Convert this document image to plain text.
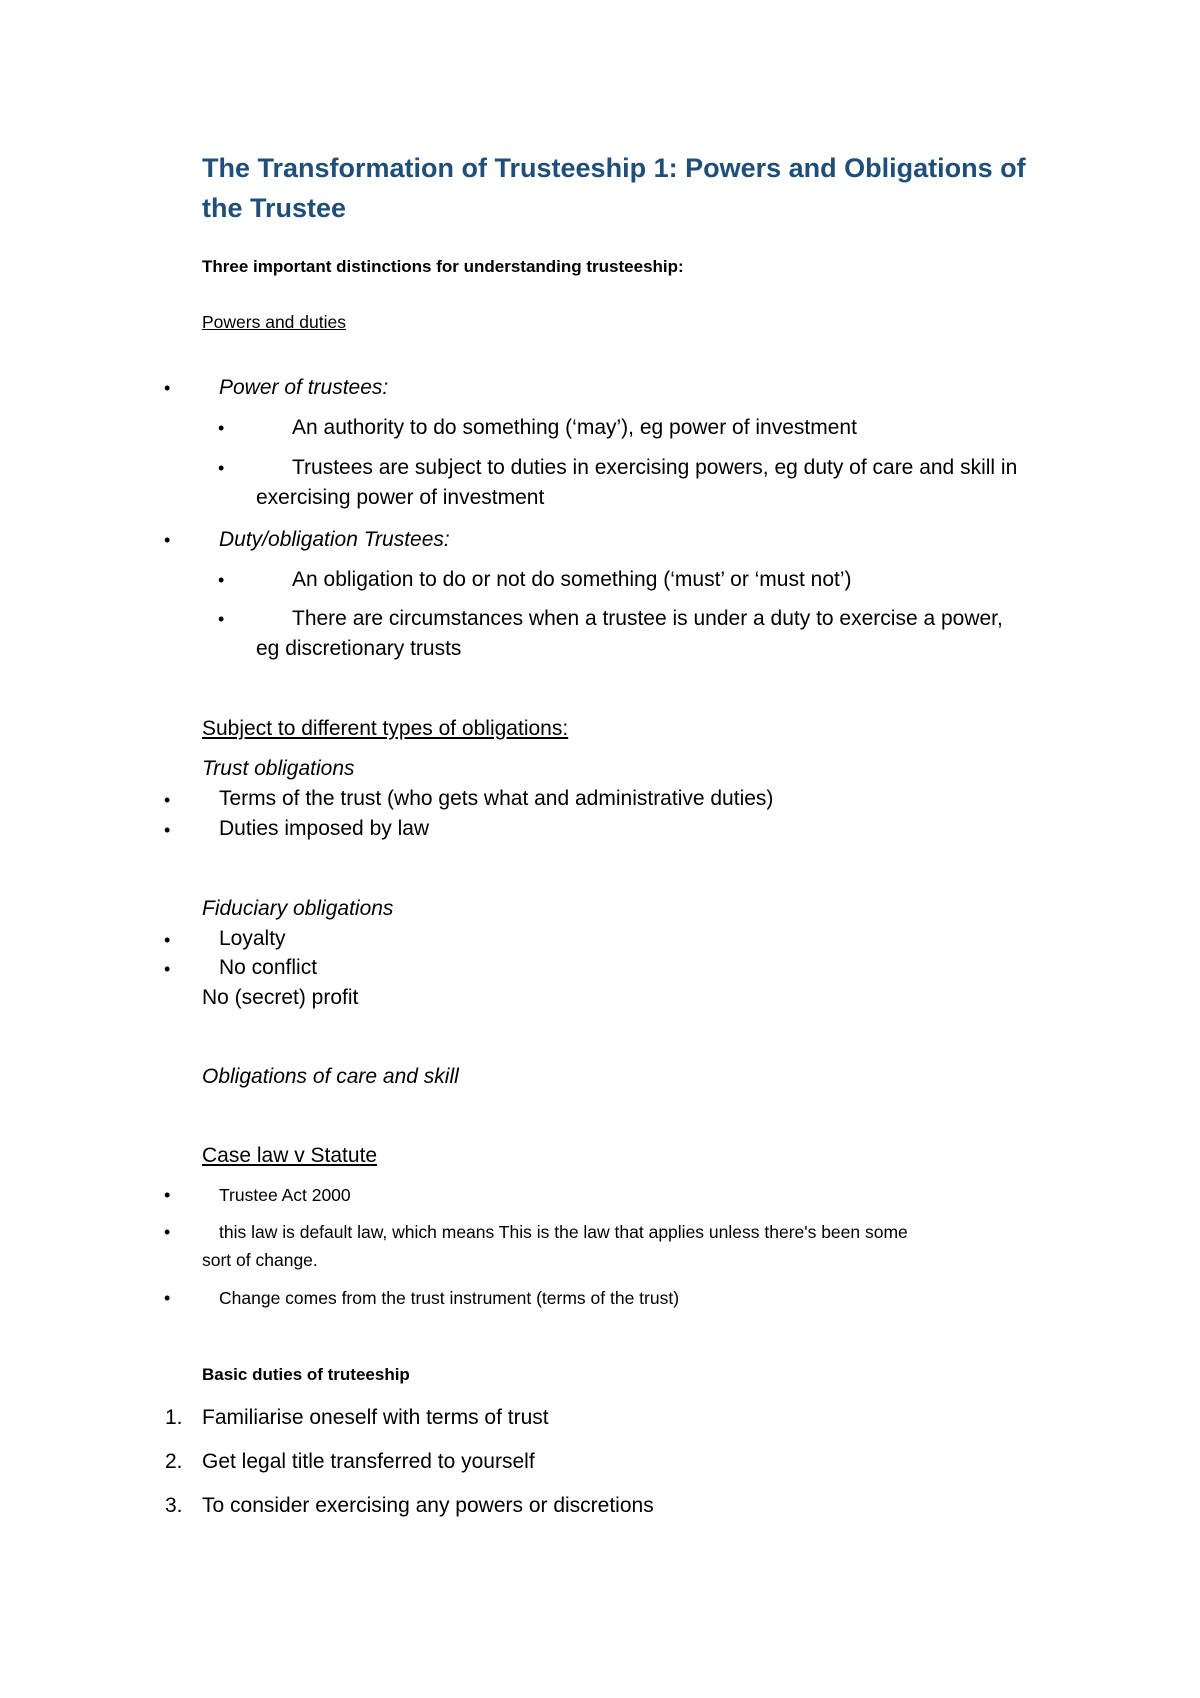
The Transformation of Trusteeship 1: Powers and Obligations of
the Trustee
Three important distinctions for understanding trusteeship:
Powers and duties
• Power of trustees:
•	An authority to do something (‘may’), eg power of investment
•	Trustees are subject to duties in exercising powers, eg duty of care and skill in
exercising power of investment
• Duty/obligation Trustees:
•	An obligation to do or not do something (‘must’ or ‘must not’)
•	There are circumstances when a trustee is under a duty to exercise a power,
eg discretionary trusts
Subject to different types of obligations:
Trust obligations
• Terms of the trust (who gets what and administrative duties)
• Duties imposed by law
Fiduciary obligations
• Loyalty
• No conflict
No (secret) profit
Obligations of care and skill
Case law v Statute
•	Trustee Act 2000
•	this law is default law, which means This is the law that applies unless there's been some
sort of change.
•	Change comes from the trust instrument (terms of the trust)
Basic duties of truteeship
1. Familiarise oneself with terms of trust
2. Get legal title transferred to yourself
3. To consider exercising any powers or discretions
